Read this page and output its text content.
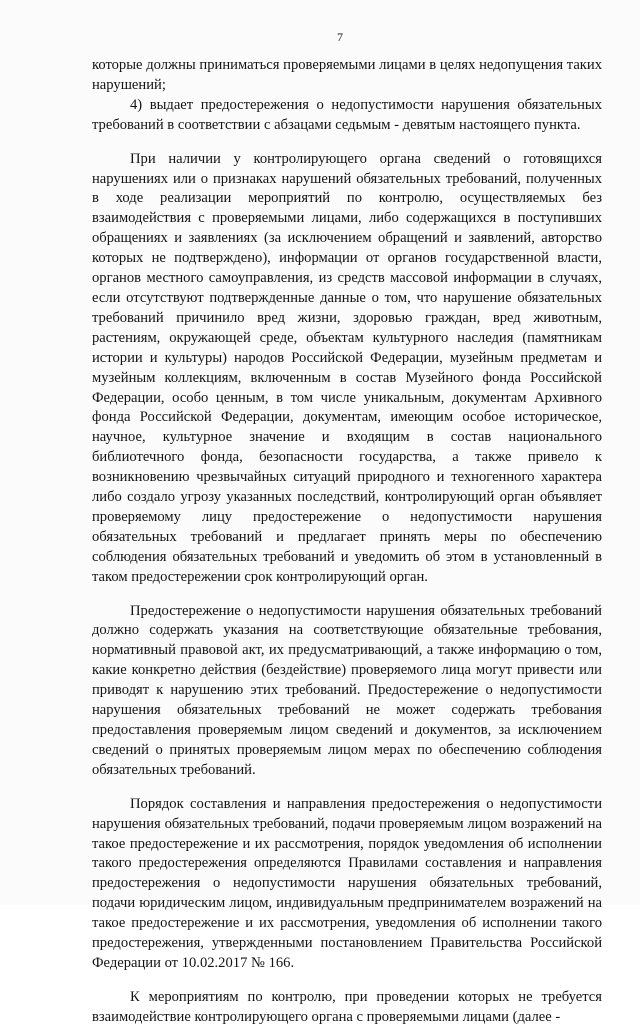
7

которые должны приниматься проверяемыми лицами в целях недопущения таких нарушений;

4) выдает предостережения о недопустимости нарушения обязательных требований в соответствии с абзацами седьмым - девятым настоящего пункта.

При наличии у контролирующего органа сведений о готовящихся нарушениях или о признаках нарушений обязательных требований, полученных в ходе реализации мероприятий по контролю, осуществляемых без взаимодействия с проверяемыми лицами, либо содержащихся в поступивших обращениях и заявлениях (за исключением обращений и заявлений, авторство которых не подтверждено), информации от органов государственной власти, органов местного самоуправления, из средств массовой информации в случаях, если отсутствуют подтвержденные данные о том, что нарушение обязательных требований причинило вред жизни, здоровью граждан, вред животным, растениям, окружающей среде, объектам культурного наследия (памятникам истории и культуры) народов Российской Федерации, музейным предметам и музейным коллекциям, включенным в состав Музейного фонда Российской Федерации, особо ценным, в том числе уникальным, документам Архивного фонда Российской Федерации, документам, имеющим особое историческое, научное, культурное значение и входящим в состав национального библиотечного фонда, безопасности государства, а также привело к возникновению чрезвычайных ситуаций природного и техногенного характера либо создало угрозу указанных последствий, контролирующий орган объявляет проверяемому лицу предостережение о недопустимости нарушения обязательных требований и предлагает принять меры по обеспечению соблюдения обязательных требований и уведомить об этом в установленный в таком предостережении срок контролирующий орган.

Предостережение о недопустимости нарушения обязательных требований должно содержать указания на соответствующие обязательные требования, нормативный правовой акт, их предусматривающий, а также информацию о том, какие конкретно действия (бездействие) проверяемого лица могут привести или приводят к нарушению этих требований. Предостережение о недопустимости нарушения обязательных требований не может содержать требования предоставления проверяемым лицом сведений и документов, за исключением сведений о принятых проверяемым лицом мерах по обеспечению соблюдения обязательных требований.

Порядок составления и направления предостережения о недопустимости нарушения обязательных требований, подачи проверяемым лицом возражений на такое предостережение и их рассмотрения, порядок уведомления об исполнении такого предостережения определяются Правилами составления и направления предостережения о недопустимости нарушения обязательных требований, подачи юридическим лицом, индивидуальным предпринимателем возражений на такое предостережение и их рассмотрения, уведомления об исполнении такого предостережения, утвержденными постановлением Правительства Российской Федерации от 10.02.2017 № 166.

К мероприятиям по контролю, при проведении которых не требуется взаимодействие контролирующего органа с проверяемыми лицами (далее -
